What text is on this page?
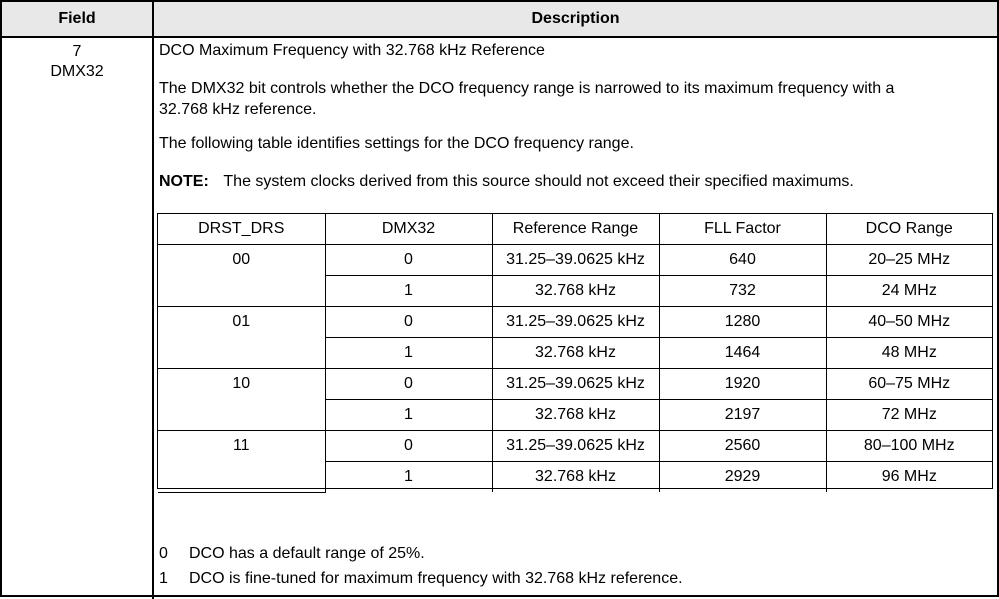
Field	Description
7
DMX32
DCO Maximum Frequency with 32.768 kHz Reference
The DMX32 bit controls whether the DCO frequency range is narrowed to its maximum frequency with a
32.768 kHz reference.
The following table identifies settings for the DCO frequency range.
NOTE: The system clocks derived from this source should not exceed their specified maximums.
DRST_DRS	DMX32	Reference Range	FLL Factor	DCO Range
00	0	31.25–39.0625 kHz	640	20–25 MHz
	1	32.768 kHz	732	24 MHz
01	0	31.25–39.0625 kHz	1280	40–50 MHz
	1	32.768 kHz	1464	48 MHz
10	0	31.25–39.0625 kHz	1920	60–75 MHz
	1	32.768 kHz	2197	72 MHz
11	0	31.25–39.0625 kHz	2560	80–100 MHz
	1	32.768 kHz	2929	96 MHz
0 DCO has a default range of 25%.
1 DCO is fine-tuned for maximum frequency with 32.768 kHz reference.
